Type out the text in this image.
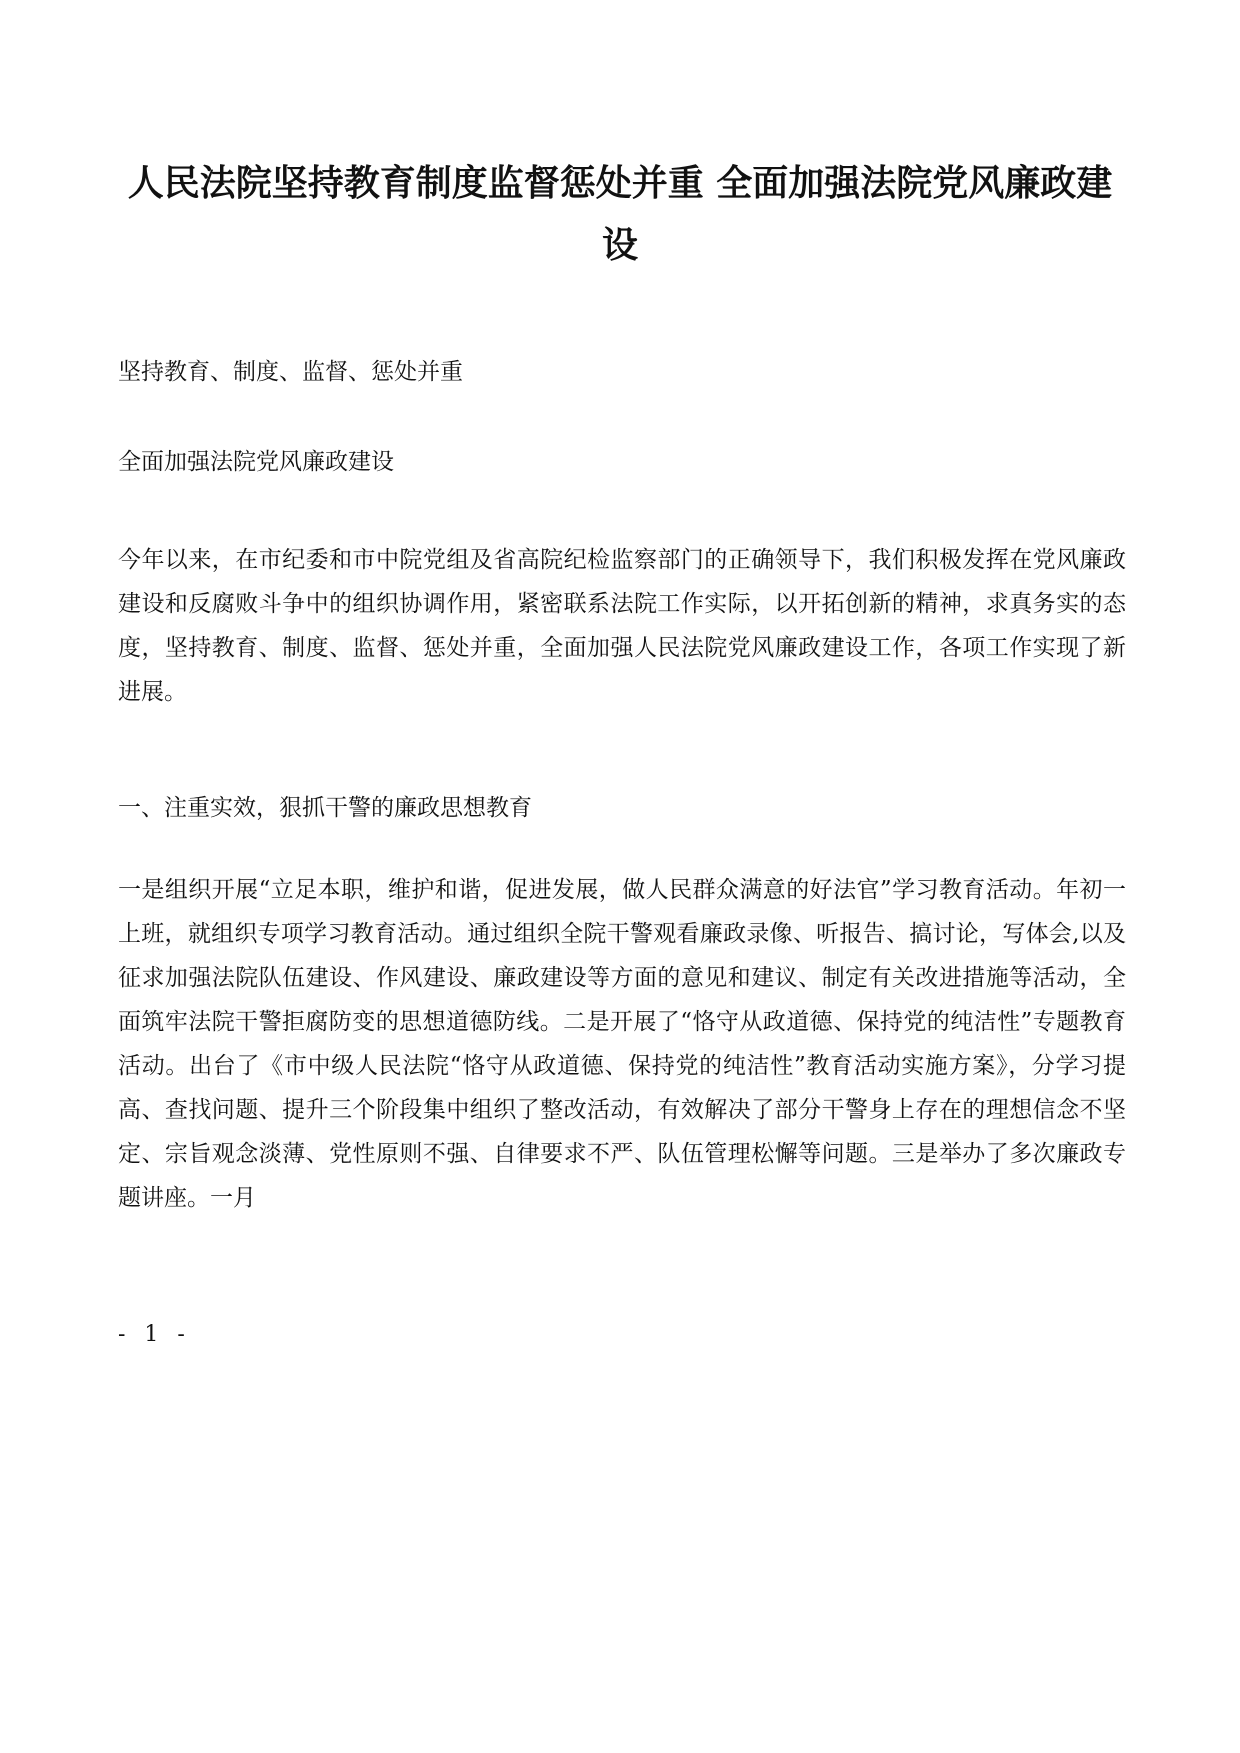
人民法院坚持教育制度监督惩处并重 全面加强法院党风廉政建设

坚持教育、制度、监督、惩处并重

全面加强法院党风廉政建设

今年以来，在市纪委和市中院党组及省高院纪检监察部门的正确领导下，我们积极发挥在党风廉政建设和反腐败斗争中的组织协调作用，紧密联系法院工作实际，以开拓创新的精神，求真务实的态度，坚持教育、制度、监督、惩处并重，全面加强人民法院党风廉政建设工作，各项工作实现了新进展。

一、注重实效，狠抓干警的廉政思想教育

一是组织开展“立足本职，维护和谐，促进发展，做人民群众满意的好法官”学习教育活动。年初一上班，就组织专项学习教育活动。通过组织全院干警观看廉政录像、听报告、搞讨论，写体会,以及征求加强法院队伍建设、作风建设、廉政建设等方面的意见和建议、制定有关改进措施等活动，全面筑牢法院干警拒腐防变的思想道德防线。二是开展了“恪守从政道德、保持党的纯洁性”专题教育活动。出台了《市中级人民法院“恪守从政道德、保持党的纯洁性”教育活动实施方案》，分学习提高、查找问题、提升三个阶段集中组织了整改活动，有效解决了部分干警身上存在的理想信念不坚定、宗旨观念淡薄、党性原则不强、自律要求不严、队伍管理松懈等问题。三是举办了多次廉政专题讲座。一月

- 1 -
